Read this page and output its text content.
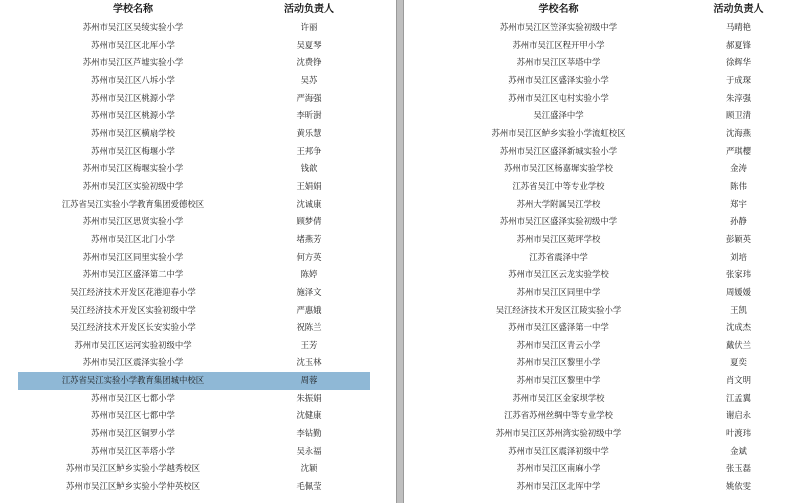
学校名称	活动负责人
苏州市吴江区吴绫实验小学	许丽
苏州市吴江区北厍小学	吴夏琴
苏州市吴江区芦墟实验小学	沈费铮
苏州市吴江区八坼小学	吴苏
苏州市吴江区桃源小学	严海强
苏州市吴江区桃源小学	李昕澍
苏州市吴江区横扇学校	黄乐慧
苏州市吴江区梅堰小学	王邦争
苏州市吴江区梅堰实验小学	钱歆
苏州市吴江区实验初级中学	王娟娟
江苏省吴江实验小学教育集团爱德校区	沈诚康
苏州市吴江区思贤实验小学	顾梦倩
苏州市吴江区北门小学	堵燕芳
苏州市吴江区同里实验小学	何方英
苏州市吴江区盛泽第二中学	陈婷
吴江经济技术开发区花港迎春小学	施泽文
吴江经济技术开发区实验初级中学	严惠娥
吴江经济技术开发区长安实验小学	祝陈兰
苏州市吴江区运河实验初级中学	王芳
苏州市吴江区震泽实验小学	沈玉林
江苏省吴江实验小学教育集团城中校区	周蓉
苏州市吴江区七都小学	朱振娟
苏州市吴江区七都中学	沈健康
苏州市吴江区铜罗小学	李钻勤
苏州市吴江区莘塔小学	吴永福
苏州市吴江区鲈乡实验小学越秀校区	沈颖
苏州市吴江区鲈乡实验小学仲英校区	毛佩莹
学校名称	活动负责人
苏州市吴江区笠泽实验初级中学	马晴艳
苏州市吴江区程开甲小学	郝夏锋
苏州市吴江区莘塔中学	徐辉华
苏州市吴江区盛泽实验小学	于成琛
苏州市吴江区屯村实验小学	朱淳强
吴江盛泽中学	顾卫清
苏州市吴江区鲈乡实验小学流虹校区	沈海燕
苏州市吴江区盛泽新城实验小学	严琪樱
苏州市吴江区杨嘉墀实验学校	金涛
江苏省吴江中等专业学校	陈伟
苏州大学附属吴江学校	郑宇
苏州市吴江区盛泽实验初级中学	孙静
苏州市吴江区菀坪学校	彭颖英
江苏省震泽中学	刘培
苏州市吴江区云龙实验学校	张家玮
苏州市吴江区同里中学	周媛媛
吴江经济技术开发区江陵实验小学	王凯
苏州市吴江区盛泽第一中学	沈成杰
苏州市吴江区青云小学	戴伏兰
苏州市吴江区黎里小学	夏奕
苏州市吴江区黎里中学	肖文明
苏州市吴江区金家坝学校	江孟翼
江苏省苏州丝绸中等专业学校	谢启永
苏州市吴江区苏州湾实验初级中学	叶渡玮
苏州市吴江区震泽初级中学	金斌
苏州市吴江区南麻小学	张玉磊
苏州市吴江区北厍中学	姚依雯
